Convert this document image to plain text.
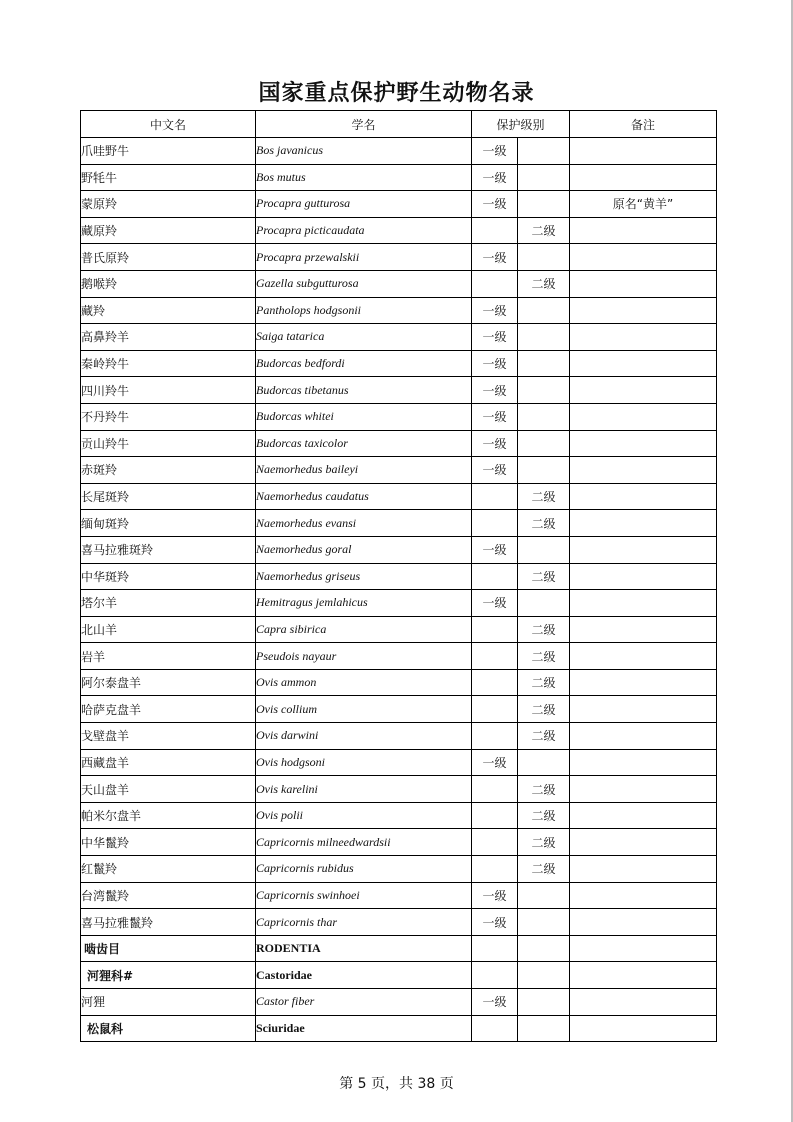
国家重点保护野生动物名录
中文名	学名	保护级别		备注
爪哇野牛	Bos javanicus	一级		
野牦牛	Bos mutus	一级		
蒙原羚	Procapra gutturosa	一级		原名“黄羊”
藏原羚	Procapra picticaudata		二级	
普氏原羚	Procapra przewalskii	一级		
鹅喉羚	Gazella subgutturosa		二级	
藏羚	Pantholops hodgsonii	一级		
高鼻羚羊	Saiga tatarica	一级		
秦岭羚牛	Budorcas bedfordi	一级		
四川羚牛	Budorcas tibetanus	一级		
不丹羚牛	Budorcas whitei	一级		
贡山羚牛	Budorcas taxicolor	一级		
赤斑羚	Naemorhedus baileyi	一级		
长尾斑羚	Naemorhedus caudatus		二级	
缅甸斑羚	Naemorhedus evansi		二级	
喜马拉雅斑羚	Naemorhedus goral	一级		
中华斑羚	Naemorhedus griseus		二级	
塔尔羊	Hemitragus jemlahicus	一级		
北山羊	Capra sibirica		二级	
岩羊	Pseudois nayaur		二级	
阿尔泰盘羊	Ovis ammon		二级	
哈萨克盘羊	Ovis collium		二级	
戈壁盘羊	Ovis darwini		二级	
西藏盘羊	Ovis hodgsoni	一级		
天山盘羊	Ovis karelini		二级	
帕米尔盘羊	Ovis polii		二级	
中华鬣羚	Capricornis milneedwardsii		二级	
红鬣羚	Capricornis rubidus		二级	
台湾鬣羚	Capricornis swinhoei	一级		
喜马拉雅鬣羚	Capricornis thar	一级		
啮齿目	RODENTIA			
河狸科#	Castoridae			
河狸	Castor fiber	一级		
松鼠科	Sciuridae			
第 5 页，共 38 页
